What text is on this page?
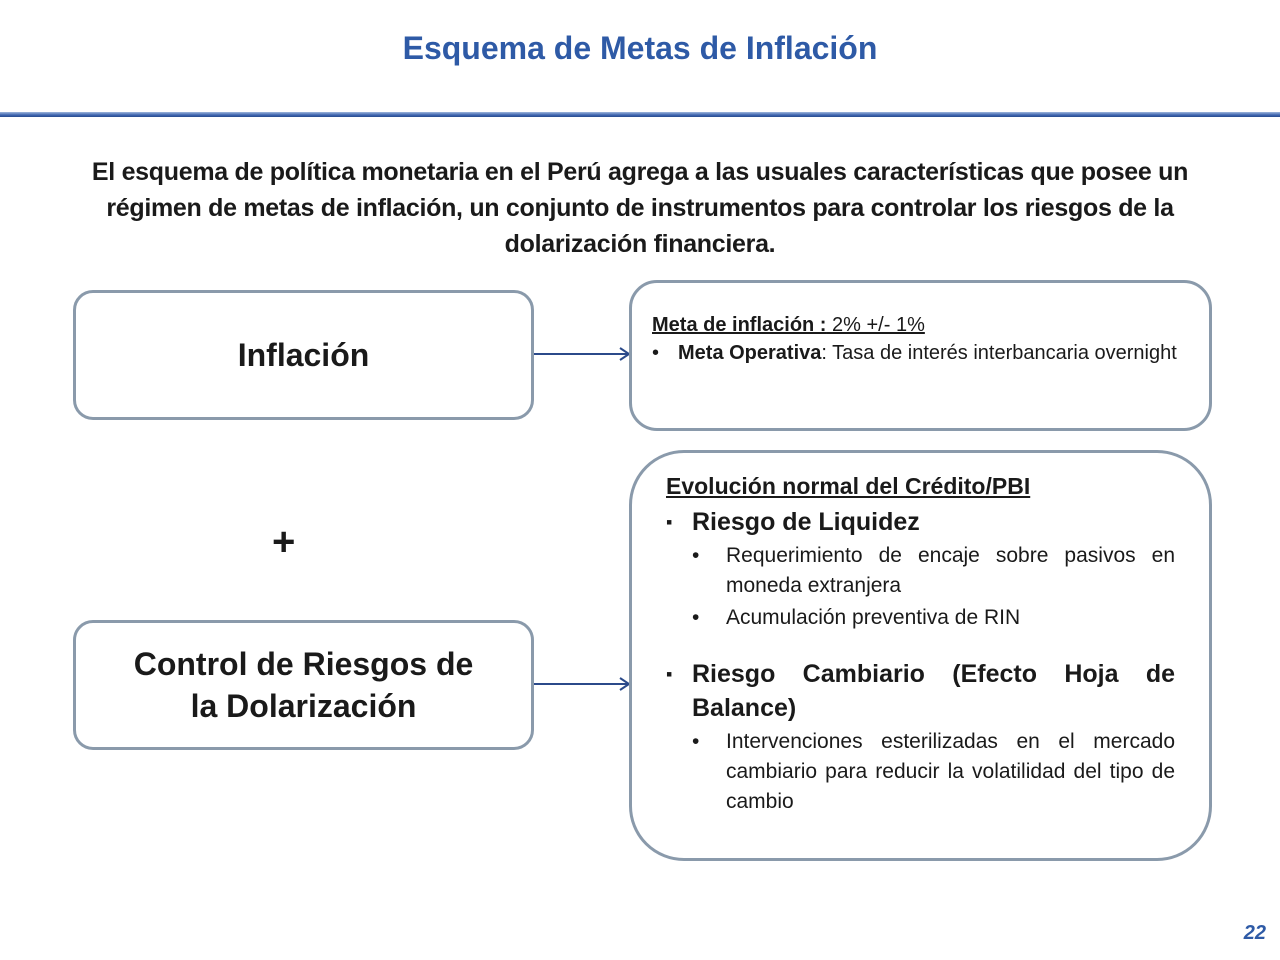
Esquema de Metas de Inflación
El esquema de política monetaria en el Perú agrega a las usuales características que posee un régimen de metas de inflación, un conjunto de instrumentos para controlar los riesgos de la dolarización financiera.
Inflación
+
Control de Riesgos de
la Dolarización
Meta de inflación : 2% +/- 1%
• Meta Operativa: Tasa de interés interbancaria overnight
Evolución normal del Crédito/PBI
▪ Riesgo de Liquidez
•	Requerimiento de encaje sobre pasivos en moneda extranjera
•	Acumulación preventiva de RIN
▪ Riesgo Cambiario (Efecto Hoja de Balance)
•	Intervenciones esterilizadas en el mercado cambiario para reducir la volatilidad del tipo de cambio
22
